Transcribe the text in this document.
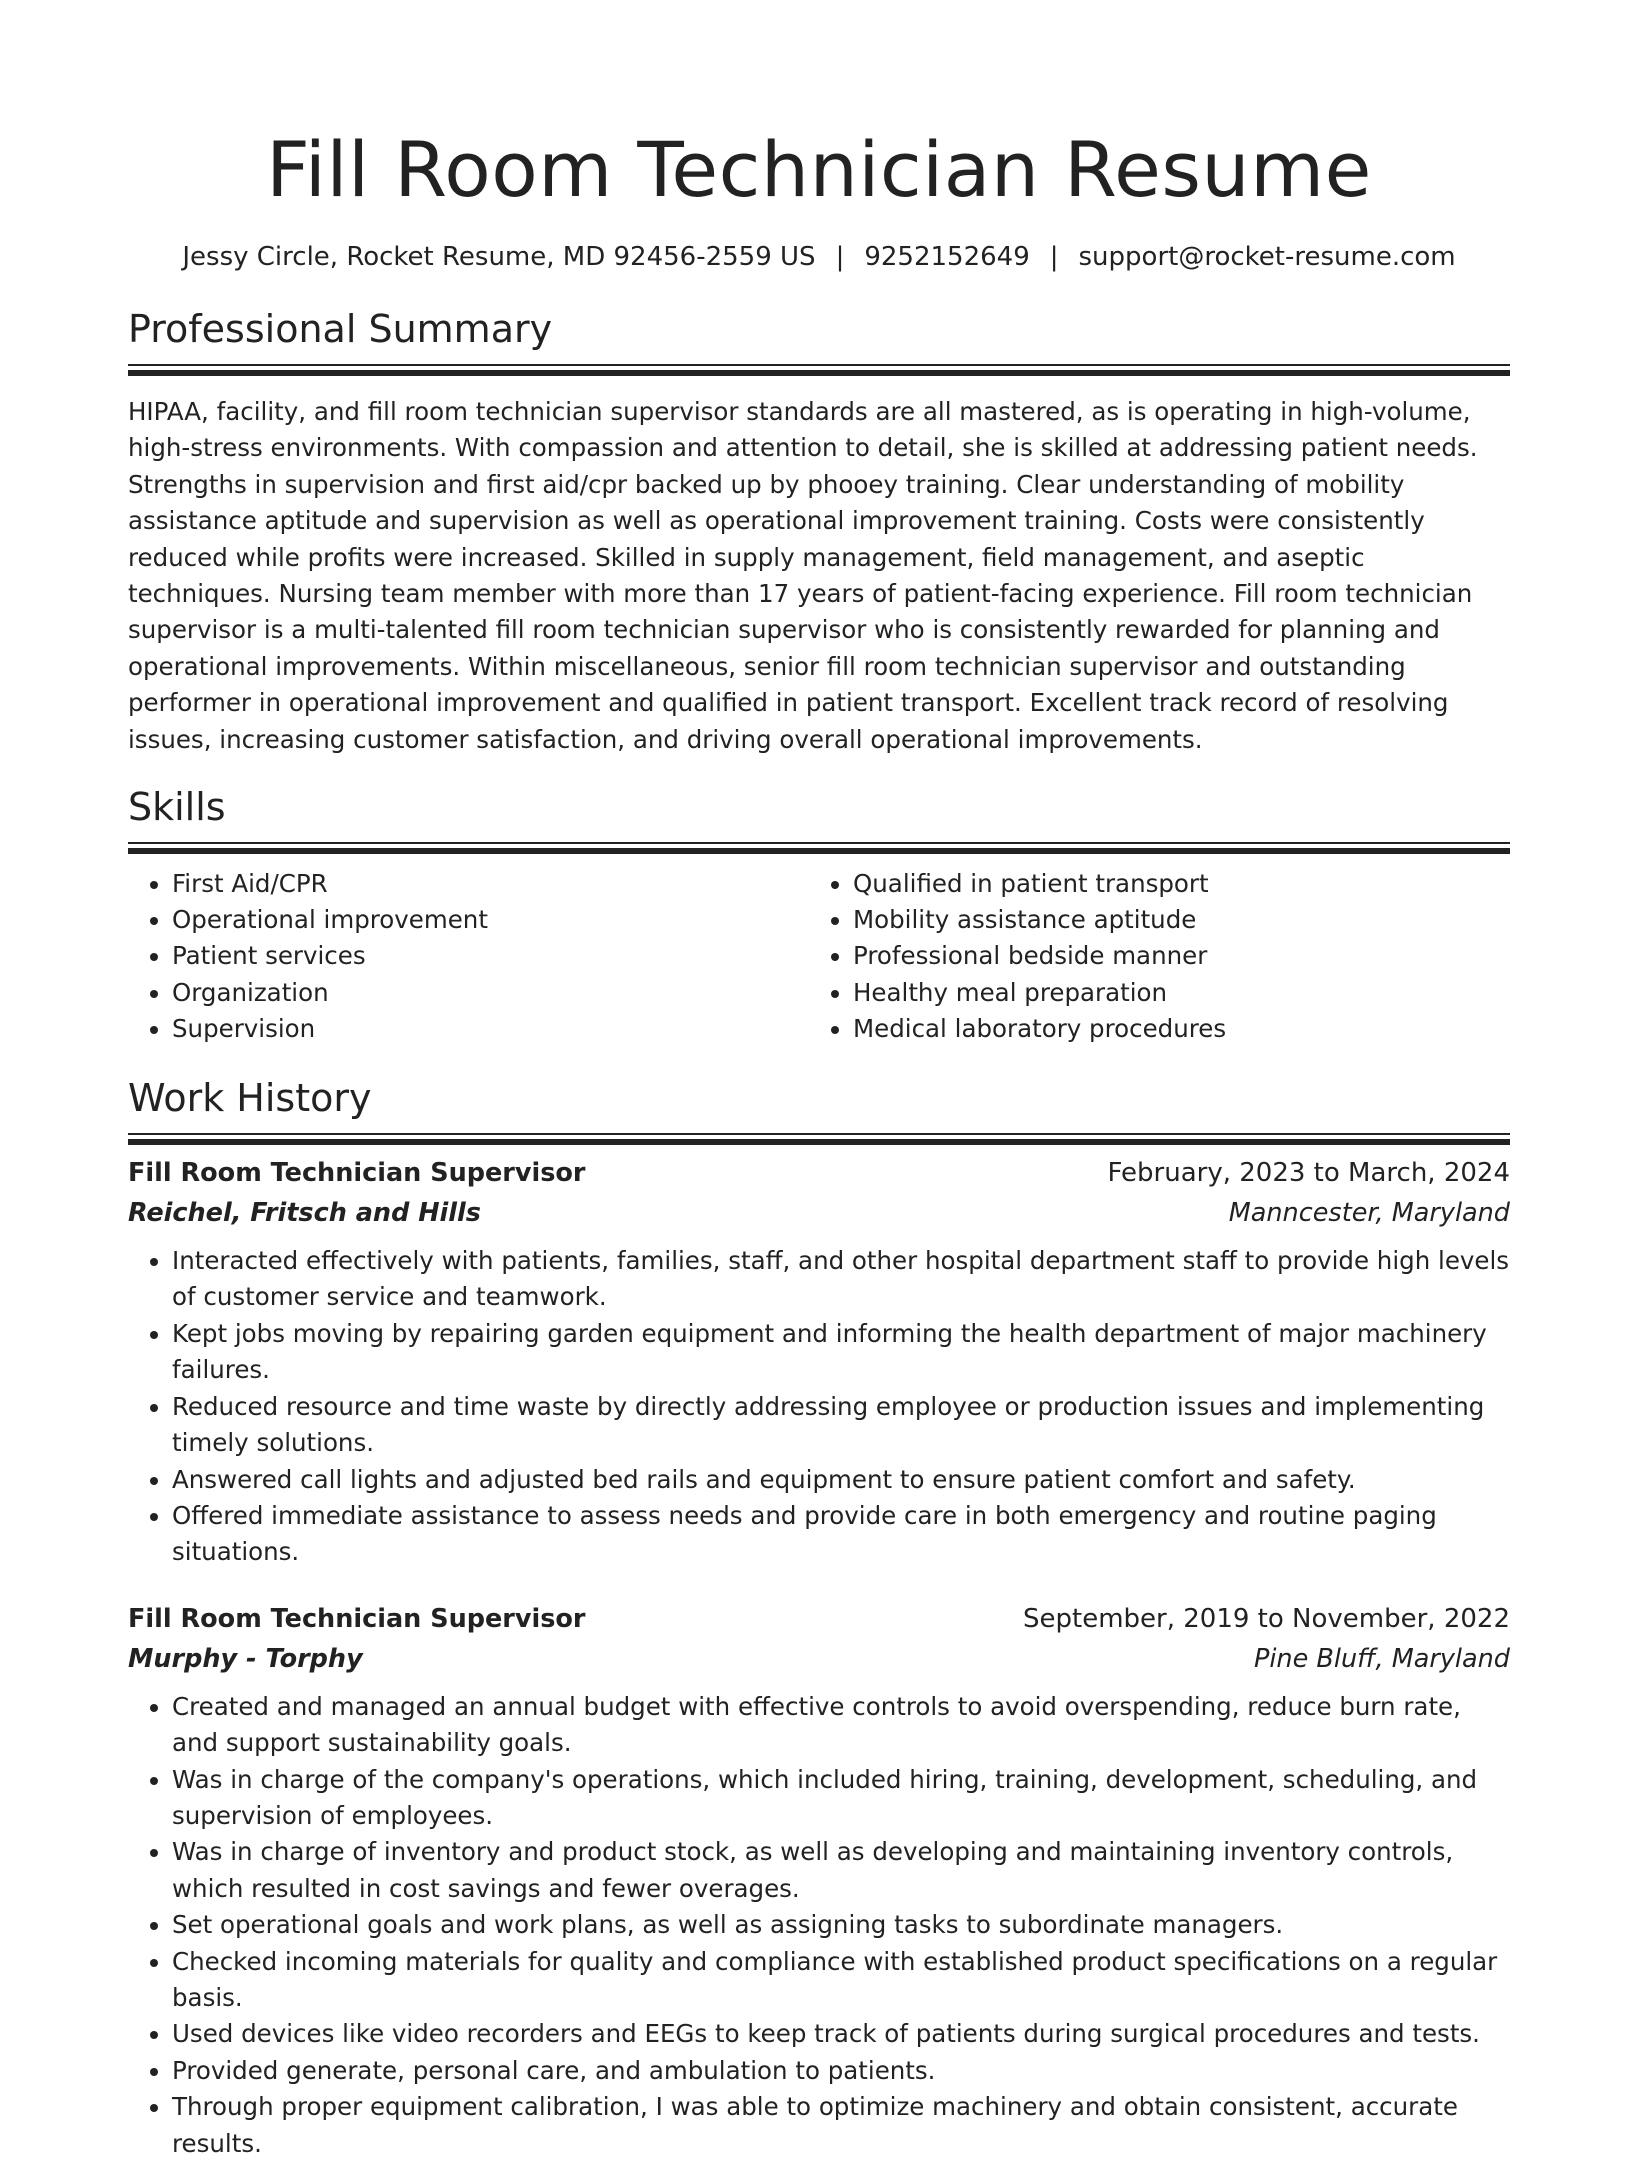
Fill Room Technician Resume
Jessy Circle, Rocket Resume, MD 92456-2559 US | 9252152649 | support@rocket-resume.com
Professional Summary

HIPAA, facility, and fill room technician supervisor standards are all mastered, as is operating in high-volume, high-stress environments. With compassion and attention to detail, she is skilled at addressing patient needs. Strengths in supervision and first aid/cpr backed up by phooey training. Clear understanding of mobility assistance aptitude and supervision as well as operational improvement training. Costs were consistently reduced while profits were increased. Skilled in supply management, field management, and aseptic techniques. Nursing team member with more than 17 years of patient-facing experience. Fill room technician supervisor is a multi-talented fill room technician supervisor who is consistently rewarded for planning and operational improvements. Within miscellaneous, senior fill room technician supervisor and outstanding performer in operational improvement and qualified in patient transport. Excellent track record of resolving issues, increasing customer satisfaction, and driving overall operational improvements.

Skills
• First Aid/CPR
• Operational improvement
• Patient services
• Organization
• Supervision
• Qualified in patient transport
• Mobility assistance aptitude
• Professional bedside manner
• Healthy meal preparation
• Medical laboratory procedures
Work History
Fill Room Technician Supervisor	February, 2023 to March, 2024
Reichel, Fritsch and Hills	Manncester, Maryland
• Interacted effectively with patients, families, staff, and other hospital department staff to provide high levels of customer service and teamwork.
• Kept jobs moving by repairing garden equipment and informing the health department of major machinery failures.
• Reduced resource and time waste by directly addressing employee or production issues and implementing timely solutions.
• Answered call lights and adjusted bed rails and equipment to ensure patient comfort and safety.
• Offered immediate assistance to assess needs and provide care in both emergency and routine paging situations.
Fill Room Technician Supervisor	September, 2019 to November, 2022
Murphy - Torphy	Pine Bluff, Maryland
• Created and managed an annual budget with effective controls to avoid overspending, reduce burn rate, and support sustainability goals.
• Was in charge of the company's operations, which included hiring, training, development, scheduling, and supervision of employees.
• Was in charge of inventory and product stock, as well as developing and maintaining inventory controls, which resulted in cost savings and fewer overages.
• Set operational goals and work plans, as well as assigning tasks to subordinate managers.
• Checked incoming materials for quality and compliance with established product specifications on a regular basis.
• Used devices like video recorders and EEGs to keep track of patients during surgical procedures and tests.
• Provided generate, personal care, and ambulation to patients.
• Through proper equipment calibration, I was able to optimize machinery and obtain consistent, accurate results.
